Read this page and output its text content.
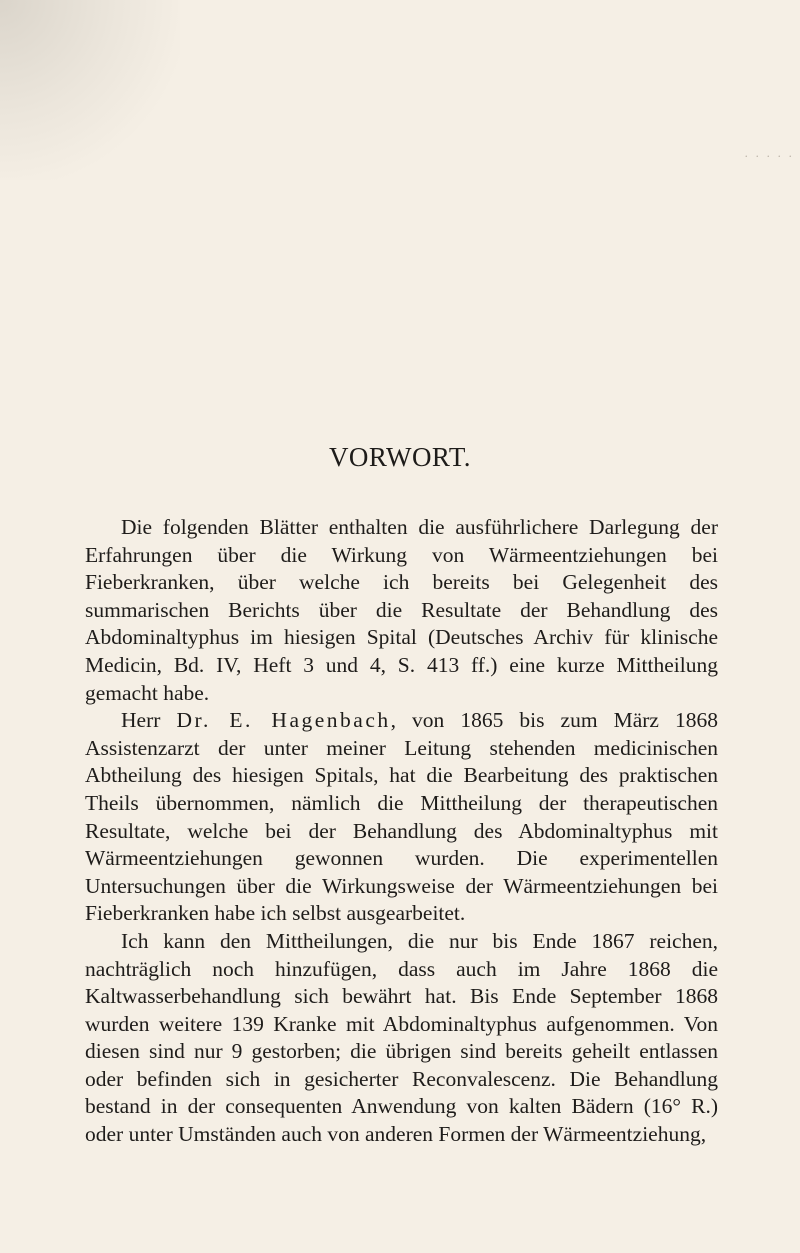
· · · · ·
VORWORT.

Die folgenden Blätter enthalten die ausführlichere Darlegung der Erfahrungen über die Wirkung von Wärmeentziehungen bei Fieberkranken, über welche ich bereits bei Gelegenheit des summarischen Berichts über die Resultate der Behandlung des Abdominaltyphus im hiesigen Spital (Deutsches Archiv für klinische Medicin, Bd. IV, Heft 3 und 4, S. 413 ff.) eine kurze Mittheilung gemacht habe.

Herr Dr. E. Hagenbach, von 1865 bis zum März 1868 Assistenzarzt der unter meiner Leitung stehenden medicinischen Abtheilung des hiesigen Spitals, hat die Bearbeitung des praktischen Theils übernommen, nämlich die Mittheilung der therapeutischen Resultate, welche bei der Behandlung des Abdominaltyphus mit Wärmeentziehungen gewonnen wurden. Die experimentellen Untersuchungen über die Wirkungsweise der Wärmeentziehungen bei Fieberkranken habe ich selbst ausgearbeitet.

Ich kann den Mittheilungen, die nur bis Ende 1867 reichen, nachträglich noch hinzufügen, dass auch im Jahre 1868 die Kaltwasserbehandlung sich bewährt hat. Bis Ende September 1868 wurden weitere 139 Kranke mit Abdominaltyphus aufgenommen. Von diesen sind nur 9 gestorben; die übrigen sind bereits geheilt entlassen oder befinden sich in gesicherter Reconvalescenz. Die Behandlung bestand in der consequenten Anwendung von kalten Bädern (16° R.) oder unter Umständen auch von anderen Formen der Wärmeentziehung,
